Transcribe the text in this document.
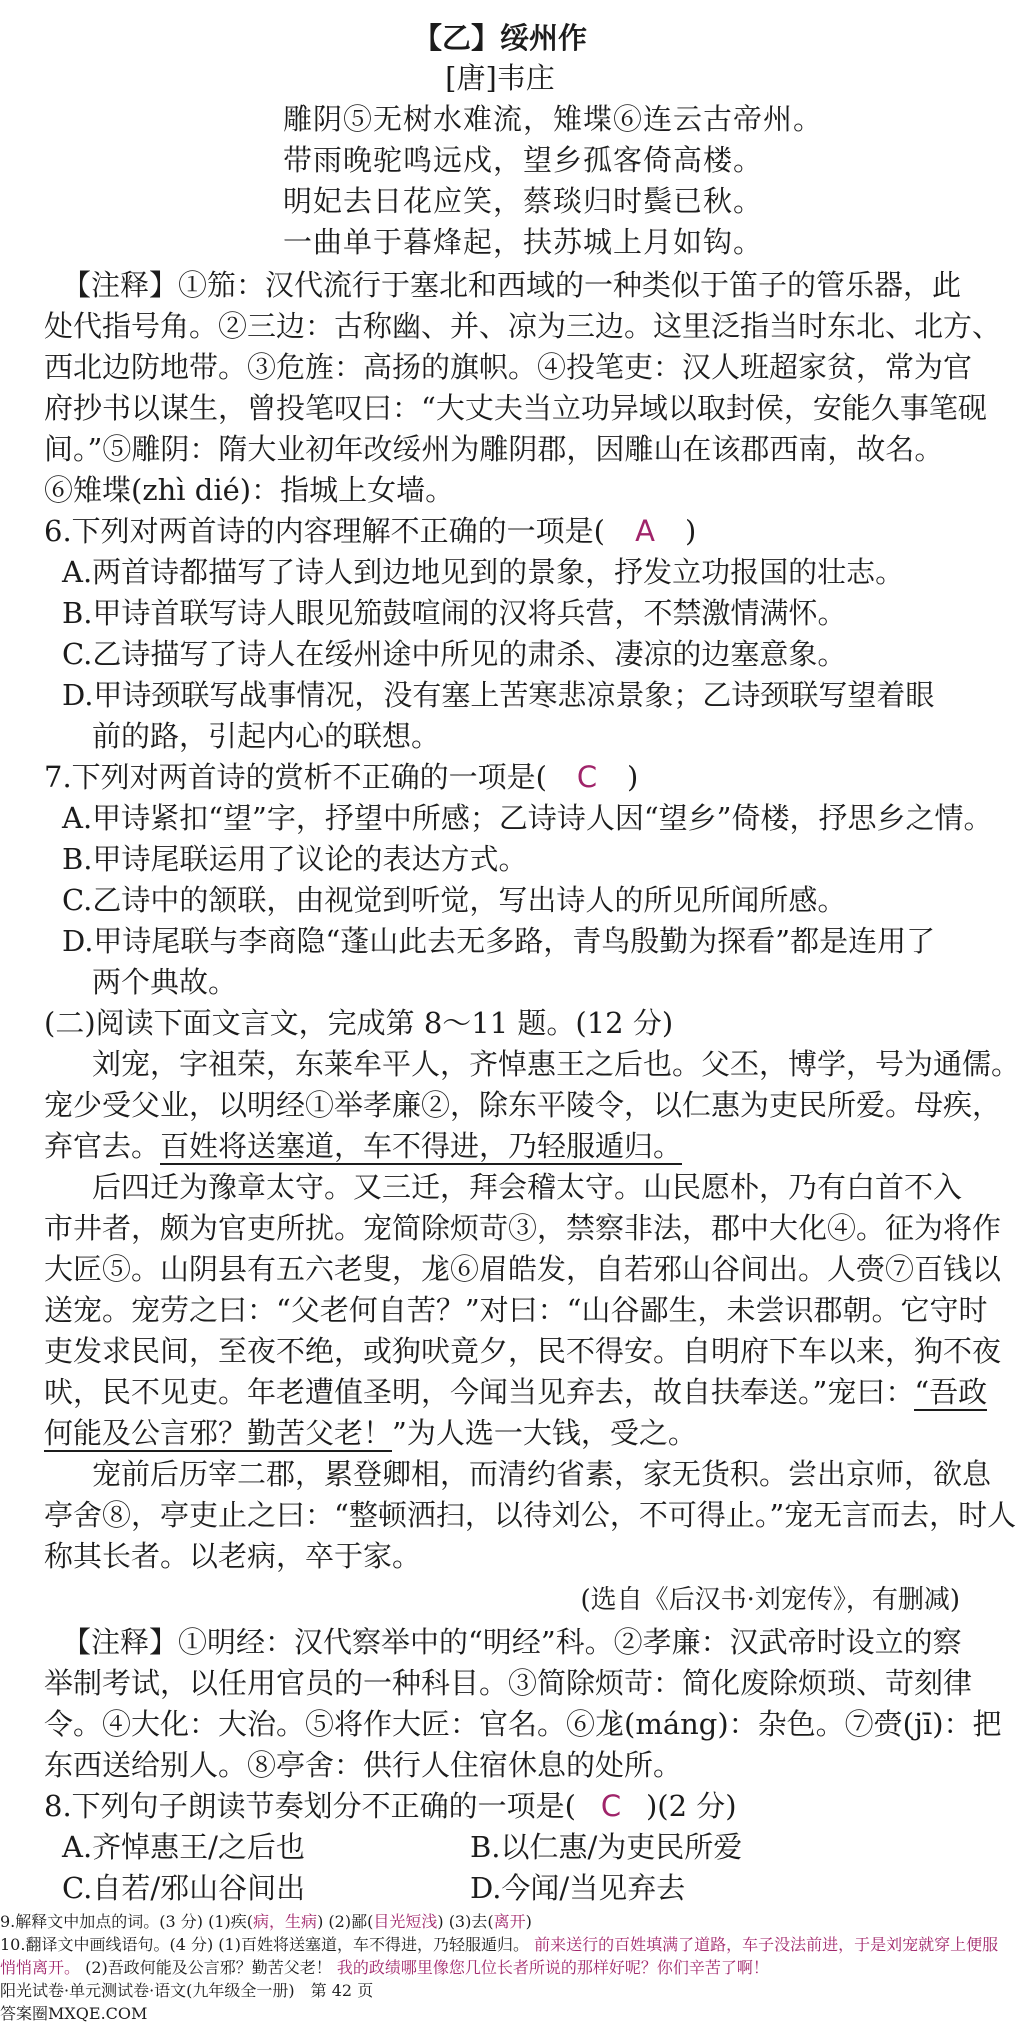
【乙】绥州作
[唐]韦庄
雕阴⑤无树水难流，雉堞⑥连云古帝州。
带雨晚驼鸣远戍，望乡孤客倚高楼。
明妃去日花应笑，蔡琰归时鬓已秋。
一曲单于暮烽起，扶苏城上月如钩。
【注释】①笳：汉代流行于塞北和西域的一种类似于笛子的管乐器，此
处代指号角。②三边：古称幽、并、凉为三边。这里泛指当时东北、北方、
西北边防地带。③危旌：高扬的旗帜。④投笔吏：汉人班超家贫，常为官
府抄书以谋生，曾投笔叹曰：“大丈夫当立功异域以取封侯，安能久事笔砚
间。”⑤雕阴：隋大业初年改绥州为雕阴郡，因雕山在该郡西南，故名。
⑥雉堞(zhì dié)：指城上女墙。
6.下列对两首诗的内容理解不正确的一项是( A )
A.两首诗都描写了诗人到边地见到的景象，抒发立功报国的壮志。
B.甲诗首联写诗人眼见笳鼓喧闹的汉将兵营，不禁激情满怀。
C.乙诗描写了诗人在绥州途中所见的肃杀、凄凉的边塞意象。
D.甲诗颈联写战事情况，没有塞上苦寒悲凉景象；乙诗颈联写望着眼
前的路，引起内心的联想。
7.下列对两首诗的赏析不正确的一项是( C )
A.甲诗紧扣“望”字，抒望中所感；乙诗诗人因“望乡”倚楼，抒思乡之情。
B.甲诗尾联运用了议论的表达方式。
C.乙诗中的颔联，由视觉到听觉，写出诗人的所见所闻所感。
D.甲诗尾联与李商隐“蓬山此去无多路，青鸟殷勤为探看”都是连用了
两个典故。
(二)阅读下面文言文，完成第 8～11 题。(12 分)
刘宠，字祖荣，东莱牟平人，齐悼惠王之后也。父丕，博学，号为通儒。
宠少受父业，以明经①举孝廉②，除东平陵令，以仁惠为吏民所爱。母疾，
弃官去。百姓将送塞道，车不得进，乃轻服遁归。
后四迁为豫章太守。又三迁，拜会稽太守。山民愿朴，乃有白首不入
市井者，颇为官吏所扰。宠简除烦苛③，禁察非法，郡中大化④。征为将作
大匠⑤。山阴县有五六老叟，尨⑥眉皓发，自若邪山谷间出。人赍⑦百钱以
送宠。宠劳之曰：“父老何自苦？”对曰：“山谷鄙生，未尝识郡朝。它守时
吏发求民间，至夜不绝，或狗吠竟夕，民不得安。自明府下车以来，狗不夜
吠，民不见吏。年老遭值圣明，今闻当见弃去，故自扶奉送。”宠曰：“吾政
何能及公言邪？勤苦父老！”为人选一大钱，受之。
宠前后历宰二郡，累登卿相，而清约省素，家无货积。尝出京师，欲息
亭舍⑧，亭吏止之曰：“整顿洒扫，以待刘公，不可得止。”宠无言而去，时人
称其长者。以老病，卒于家。
(选自《后汉书·刘宠传》，有删减)
【注释】①明经：汉代察举中的“明经”科。②孝廉：汉武帝时设立的察
举制考试，以任用官员的一种科目。③简除烦苛：简化废除烦琐、苛刻律
令。④大化：大治。⑤将作大匠：官名。⑥尨(máng)：杂色。⑦赍(jī)：把
东西送给别人。⑧亭舍：供行人住宿休息的处所。
8.下列句子朗读节奏划分不正确的一项是( C )(2 分)
A.齐悼惠王/之后也	B.以仁惠/为吏民所爱
C.自若/邪山谷间出	D.今闻/当见弃去
9.解释文中加点的词。(3 分) (1)疾(病，生病) (2)鄙(目光短浅) (3)去(离开)
10.翻译文中画线语句。(4 分) (1)百姓将送塞道，车不得进，乃轻服遁归。 前来送行的百姓填满了道路，车子没法前进，于是刘宠就穿上便服悄悄离开。 (2)吾政何能及公言邪？勤苦父老！ 我的政绩哪里像您几位长者所说的那样好呢？你们辛苦了啊！
阳光试卷·单元测试卷·语文(九年级全一册)　第 42 页
答案圈MXQE.COM
